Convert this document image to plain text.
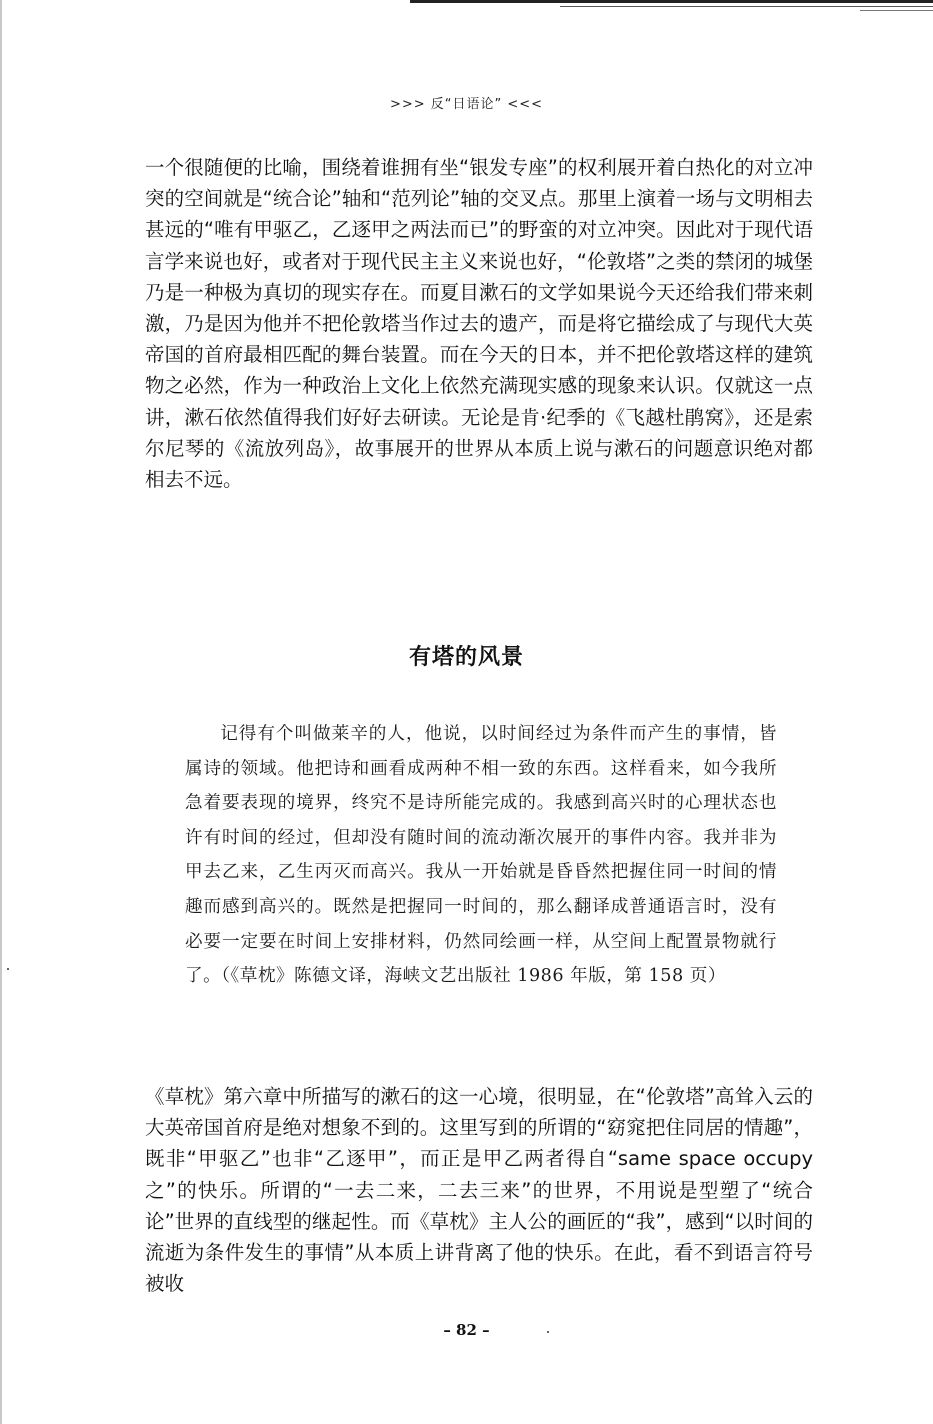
>>> 反“日语论” <<<

一个很随便的比喻，围绕着谁拥有坐“银发专座”的权利展开着白热化的对立冲突的空间就是“统合论”轴和“范列论”轴的交叉点。那里上演着一场与文明相去甚远的“唯有甲驱乙，乙逐甲之两法而已”的野蛮的对立冲突。因此对于现代语言学来说也好，或者对于现代民主主义来说也好，“伦敦塔”之类的禁闭的城堡乃是一种极为真切的现实存在。而夏目漱石的文学如果说今天还给我们带来刺激，乃是因为他并不把伦敦塔当作过去的遗产，而是将它描绘成了与现代大英帝国的首府最相匹配的舞台装置。而在今天的日本，并不把伦敦塔这样的建筑物之必然，作为一种政治上文化上依然充满现实感的现象来认识。仅就这一点讲，漱石依然值得我们好好去研读。无论是肯·纪季的《飞越杜鹃窝》，还是索尔尼琴的《流放列岛》，故事展开的世界从本质上说与漱石的问题意识绝对都相去不远。

有塔的风景

记得有个叫做莱辛的人，他说，以时间经过为条件而产生的事情，皆属诗的领域。他把诗和画看成两种不相一致的东西。这样看来，如今我所急着要表现的境界，终究不是诗所能完成的。我感到高兴时的心理状态也许有时间的经过，但却没有随时间的流动渐次展开的事件内容。我并非为甲去乙来，乙生丙灭而高兴。我从一开始就是昏昏然把握住同一时间的情趣而感到高兴的。既然是把握同一时间的，那么翻译成普通语言时，没有必要一定要在时间上安排材料，仍然同绘画一样，从空间上配置景物就行了。（《草枕》陈德文译，海峡文艺出版社 1986 年版，第 158 页）

《草枕》第六章中所描写的漱石的这一心境，很明显，在“伦敦塔”高耸入云的大英帝国首府是绝对想象不到的。这里写到的所谓的“窈窕把住同居的情趣”，既非“甲驱乙”也非“乙逐甲”，而正是甲乙两者得自“same space occupy之”的快乐。所谓的“一去二来，二去三来”的世界，不用说是型塑了“统合论”世界的直线型的继起性。而《草枕》主人公的画匠的“我”，感到“以时间的流逝为条件发生的事情”从本质上讲背离了他的快乐。在此，看不到语言符号被收

– 82 –
